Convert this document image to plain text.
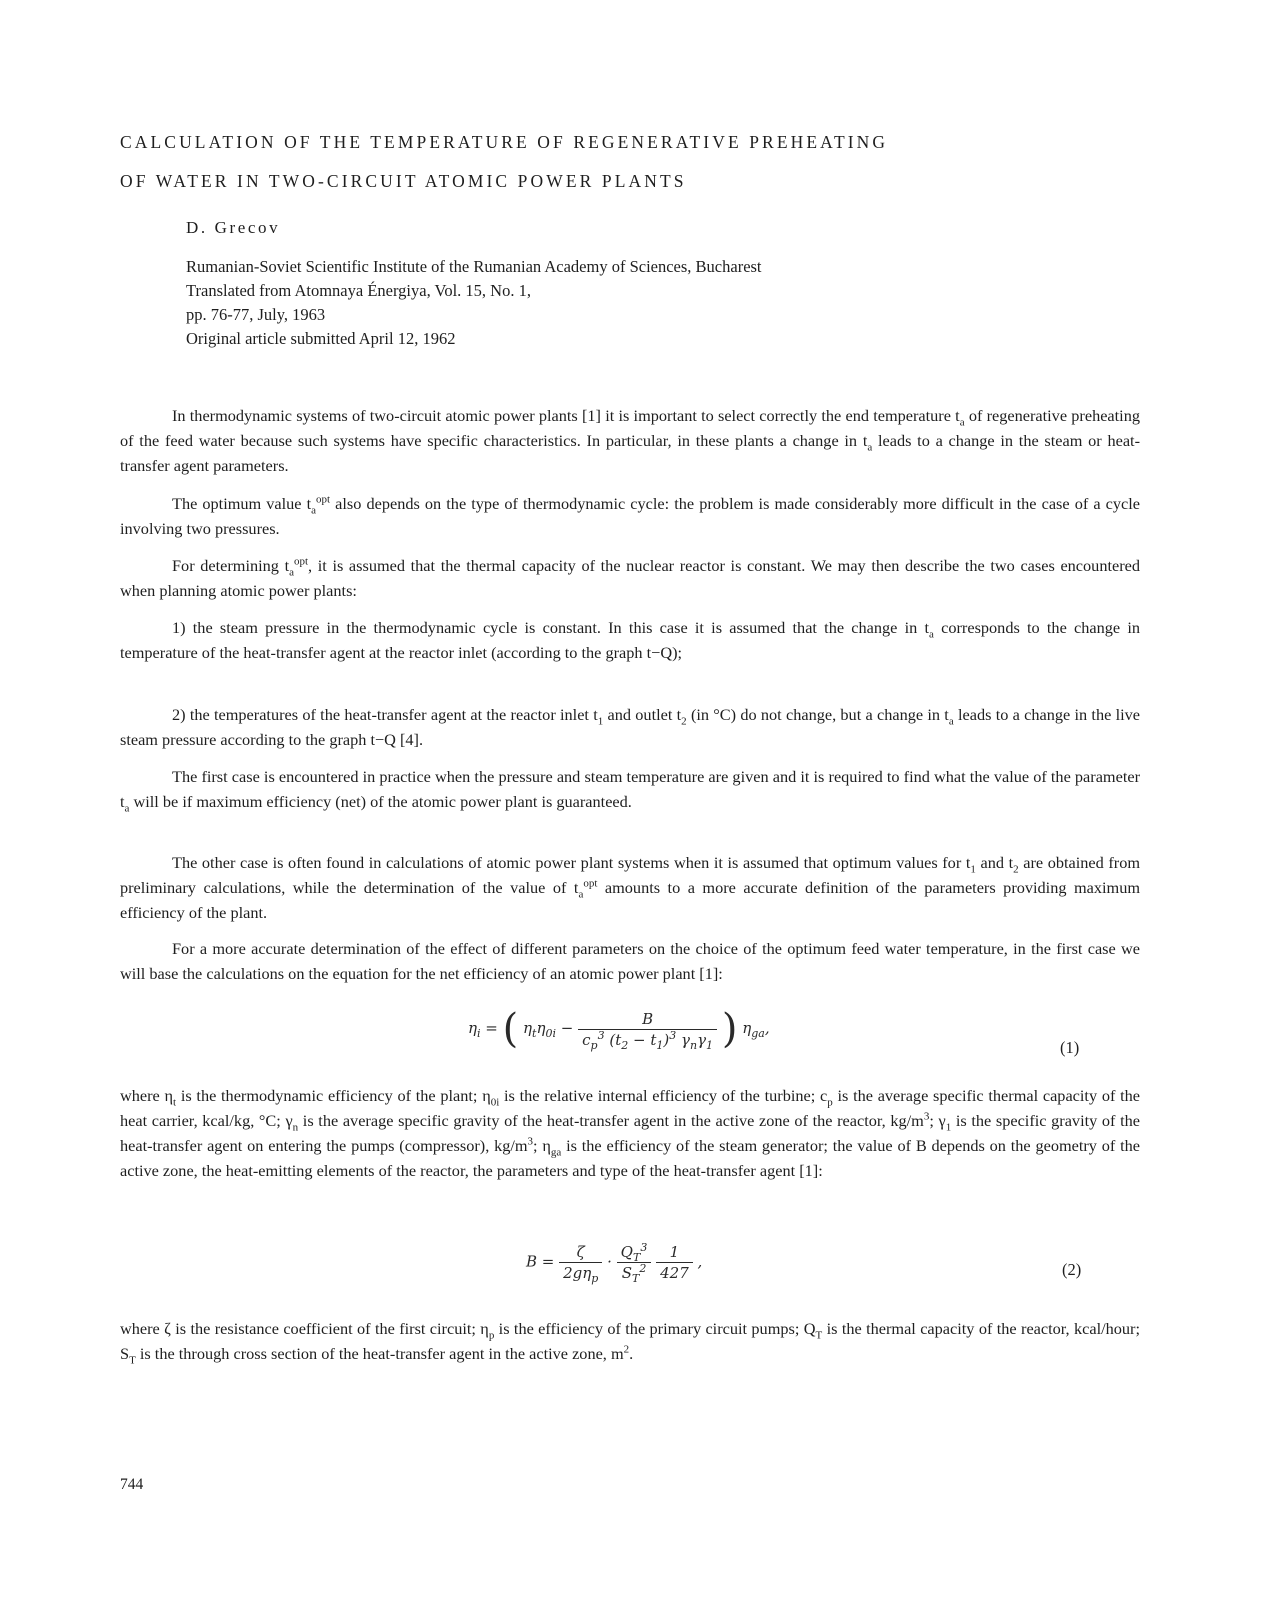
CALCULATION OF THE TEMPERATURE OF REGENERATIVE PREHEATING
OF WATER IN TWO-CIRCUIT ATOMIC POWER PLANTS
D. Grecov
Rumanian-Soviet Scientific Institute of the Rumanian Academy of Sciences, Bucharest
Translated from Atomnaya Énergiya, Vol. 15, No. 1,
pp. 76-77, July, 1963
Original article submitted April 12, 1962

In thermodynamic systems of two-circuit atomic power plants [1] it is important to select correctly the end temperature $t_a$ of regenerative preheating of the feed water because such systems have specific characteristics. In particular, in these plants a change in $t_a$ leads to a change in the steam or heat-transfer agent parameters.

The optimum value $t_a^{opt}$ also depends on the type of thermodynamic cycle: the problem is made considerably more difficult in the case of a cycle involving two pressures.

For determining $t_a^{opt}$, it is assumed that the thermal capacity of the nuclear reactor is constant. We may then describe the two cases encountered when planning atomic power plants:

1) the steam pressure in the thermodynamic cycle is constant. In this case it is assumed that the change in $t_a$ corresponds to the change in temperature of the heat-transfer agent at the reactor inlet (according to the graph t−Q);

2) the temperatures of the heat-transfer agent at the reactor inlet $t_1$ and outlet $t_2$ (in °C) do not change, but a change in $t_a$ leads to a change in the live steam pressure according to the graph t−Q [4].

The first case is encountered in practice when the pressure and steam temperature are given and it is required to find what the value of the parameter $t_a$ will be if maximum efficiency (net) of the atomic power plant is guaranteed.

The other case is often found in calculations of atomic power plant systems when it is assumed that optimum values for $t_1$ and $t_2$ are obtained from preliminary calculations, while the determination of the value of $t_a^{opt}$ amounts to a more accurate definition of the parameters providing maximum efficiency of the plant.

For a more accurate determination of the effect of different parameters on the choice of the optimum feed water temperature, in the first case we will base the calculations on the equation for the net efficiency of an atomic power plant [1]:

$\eta_i$ = ( $\eta_t\eta_{0i} - \frac{B}{c_p^3 (t_2 - t_1)^3 \gamma_n\gamma_1}$ ) $\eta_{ga}$,
(1)

where $\eta_t$ is the thermodynamic efficiency of the plant; $\eta_{0i}$ is the relative internal efficiency of the turbine; $c_p$ is the average specific thermal capacity of the heat carrier, kcal/kg, °C; $\gamma_n$ is the average specific gravity of the heat-transfer agent in the active zone of the reactor, $kg/m^3$; $\gamma_1$ is the specific gravity of the heat-transfer agent on entering the pumps (compressor), $kg/m^3$; $\eta_{ga}$ is the efficiency of the steam generator; the value of B depends on the geometry of the active zone, the heat-emitting elements of the reactor, the parameters and type of the heat-transfer agent [1]:

$B = \frac{\zeta}{2g\eta_p} \cdot \frac{Q_T^3}{S_T^2}$
$\frac{1}{427}$ ,	(2)

where ζ is the resistance coefficient of the first circuit; $\eta_p$ is the efficiency of the primary circuit pumps; $Q_T$ is the thermal capacity of the reactor, kcal/hour; $S_T$ is the through cross section of the heat-transfer agent in the active zone, $m^2$.

744
